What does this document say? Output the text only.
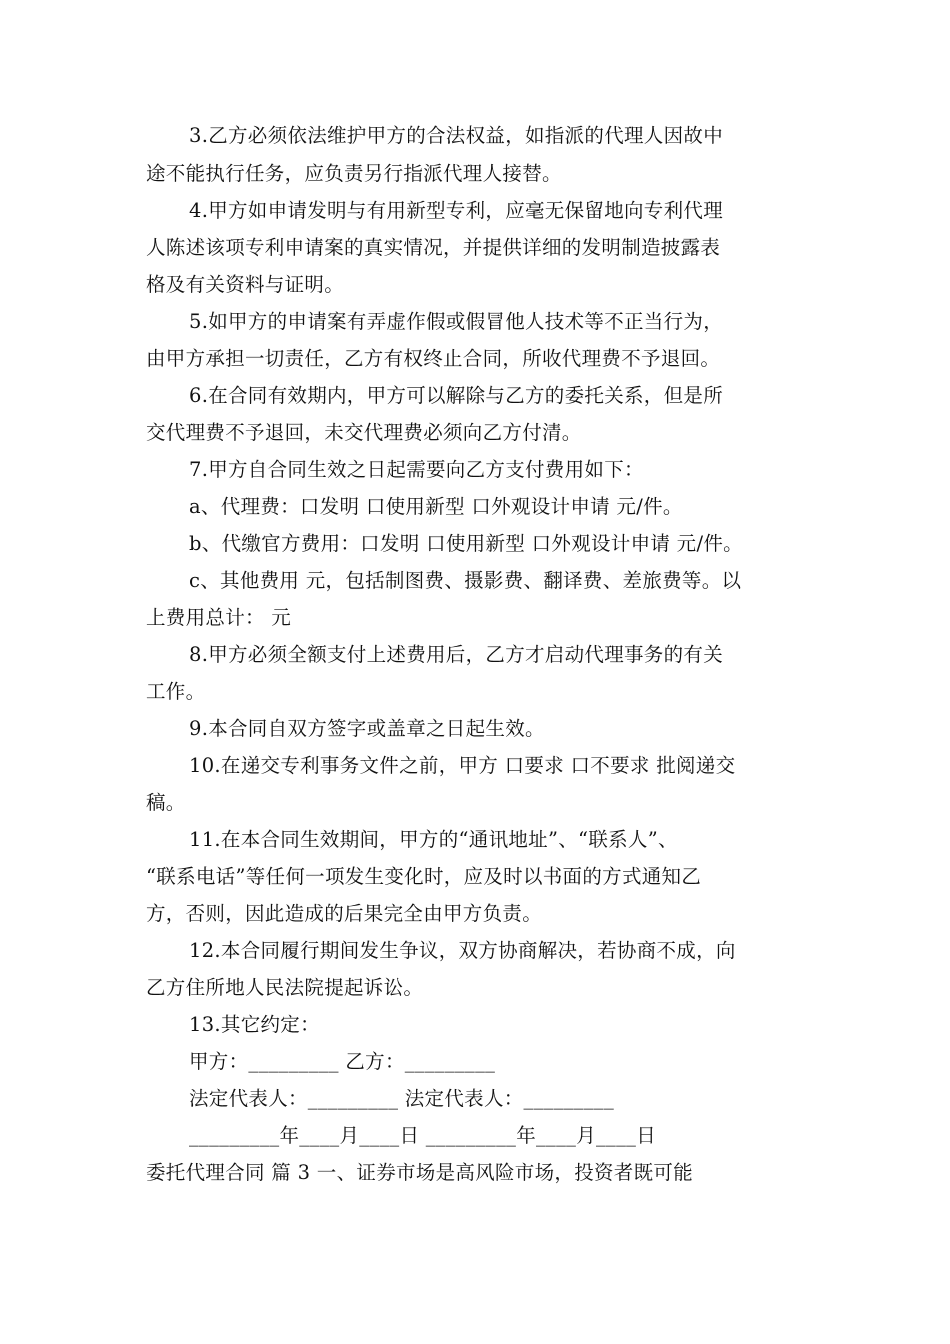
3.乙方必须依法维护甲方的合法权益，如指派的代理人因故中
途不能执行任务，应负责另行指派代理人接替。
4.甲方如申请发明与有用新型专利，应毫无保留地向专利代理
人陈述该项专利申请案的真实情况，并提供详细的发明制造披露表
格及有关资料与证明。
5.如甲方的申请案有弄虚作假或假冒他人技术等不正当行为，
由甲方承担一切责任，乙方有权终止合同，所收代理费不予退回。
6.在合同有效期内，甲方可以解除与乙方的委托关系，但是所
交代理费不予退回，未交代理费必须向乙方付清。
7.甲方自合同生效之日起需要向乙方支付费用如下：
a、代理费：口发明 口使用新型 口外观设计申请 元/件。
b、代缴官方费用：口发明 口使用新型 口外观设计申请 元/件。
c、其他费用 元，包括制图费、摄影费、翻译费、差旅费等。以
上费用总计： 元
8.甲方必须全额支付上述费用后，乙方才启动代理事务的有关
工作。
9.本合同自双方签字或盖章之日起生效。
10.在递交专利事务文件之前，甲方 口要求 口不要求 批阅递交
稿。
11.在本合同生效期间，甲方的“通讯地址”、“联系人”、
“联系电话”等任何一项发生变化时，应及时以书面的方式通知乙
方，否则，因此造成的后果完全由甲方负责。
12.本合同履行期间发生争议，双方协商解决，若协商不成，向
乙方住所地人民法院提起诉讼。
13.其它约定：
甲方：_________ 乙方：_________
法定代表人：_________ 法定代表人：_________
_________年____月____日 _________年____月____日
委托代理合同 篇 3 一、证券市场是高风险市场，投资者既可能
